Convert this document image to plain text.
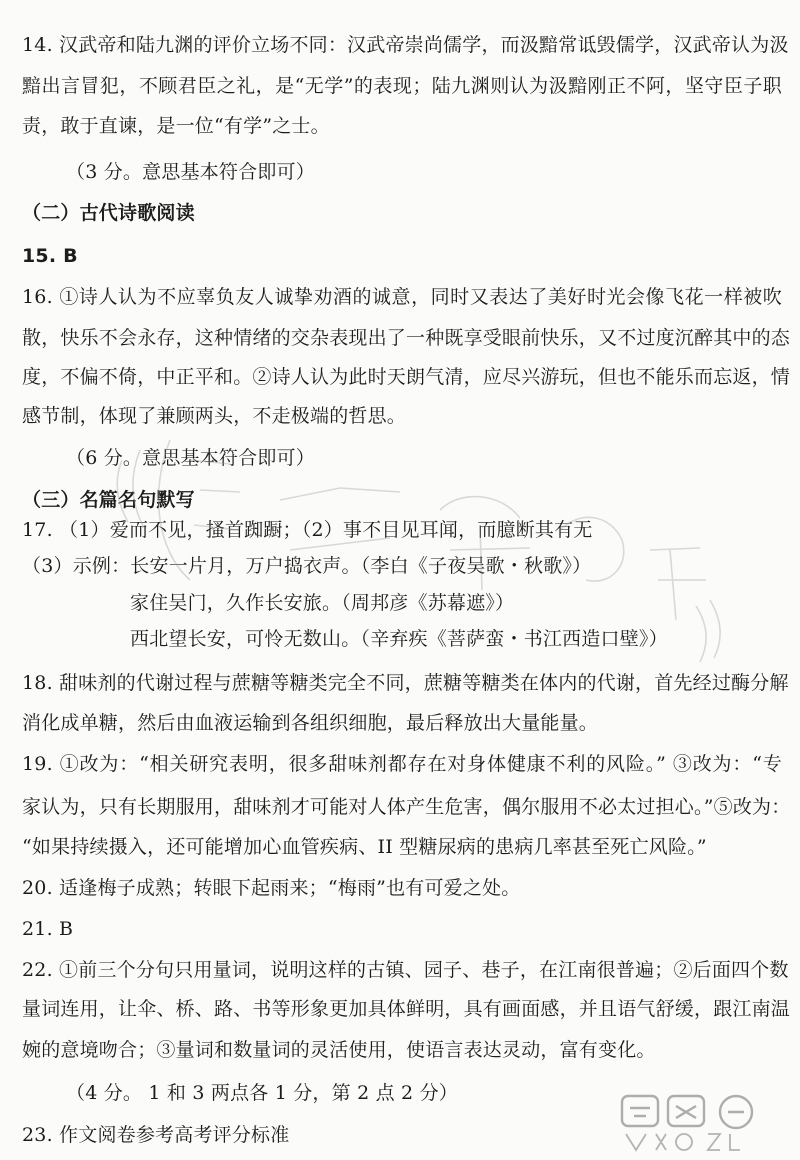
14. 汉武帝和陆九渊的评价立场不同：汉武帝崇尚儒学，而汲黯常诋毁儒学，汉武帝认为汲
黯出言冒犯，不顾君臣之礼，是“无学”的表现；陆九渊则认为汲黯刚正不阿，坚守臣子职
责，敢于直谏，是一位“有学”之士。
（3 分。意思基本符合即可）
（二）古代诗歌阅读
15. B
16. ①诗人认为不应辜负友人诚挚劝酒的诚意，同时又表达了美好时光会像飞花一样被吹
散，快乐不会永存，这种情绪的交杂表现出了一种既享受眼前快乐，又不过度沉醉其中的态
度，不偏不倚，中正平和。②诗人认为此时天朗气清，应尽兴游玩，但也不能乐而忘返，情
感节制，体现了兼顾两头，不走极端的哲思。
（6 分。意思基本符合即可）
（三）名篇名句默写
17. （1）爱而不见，搔首踟蹰；（2）事不目见耳闻，而臆断其有无
（3）示例：长安一片月，万户捣衣声。（李白《子夜吴歌・秋歌》）
家住吴门，久作长安旅。（周邦彦《苏幕遮》）
西北望长安，可怜无数山。（辛弃疾《菩萨蛮・书江西造口壁》）
18. 甜味剂的代谢过程与蔗糖等糖类完全不同，蔗糖等糖类在体内的代谢，首先经过酶分解
消化成单糖，然后由血液运输到各组织细胞，最后释放出大量能量。
19. ①改为：“相关研究表明，很多甜味剂都存在对身体健康不利的风险。” ③改为：“专
家认为，只有长期服用，甜味剂才可能对人体产生危害，偶尔服用不必太过担心。”⑤改为：
“如果持续摄入，还可能增加心血管疾病、II 型糖尿病的患病几率甚至死亡风险。”
20. 适逢梅子成熟；转眼下起雨来；“梅雨”也有可爱之处。
21. B
22. ①前三个分句只用量词，说明这样的古镇、园子、巷子，在江南很普遍；②后面四个数
量词连用，让伞、桥、路、书等形象更加具体鲜明，具有画面感，并且语气舒缓，跟江南温
婉的意境吻合；③量词和数量词的灵活使用，使语言表达灵动，富有变化。
（4 分。 1 和 3 两点各 1 分，第 2 点 2 分）
23. 作文阅卷参考高考评分标准
